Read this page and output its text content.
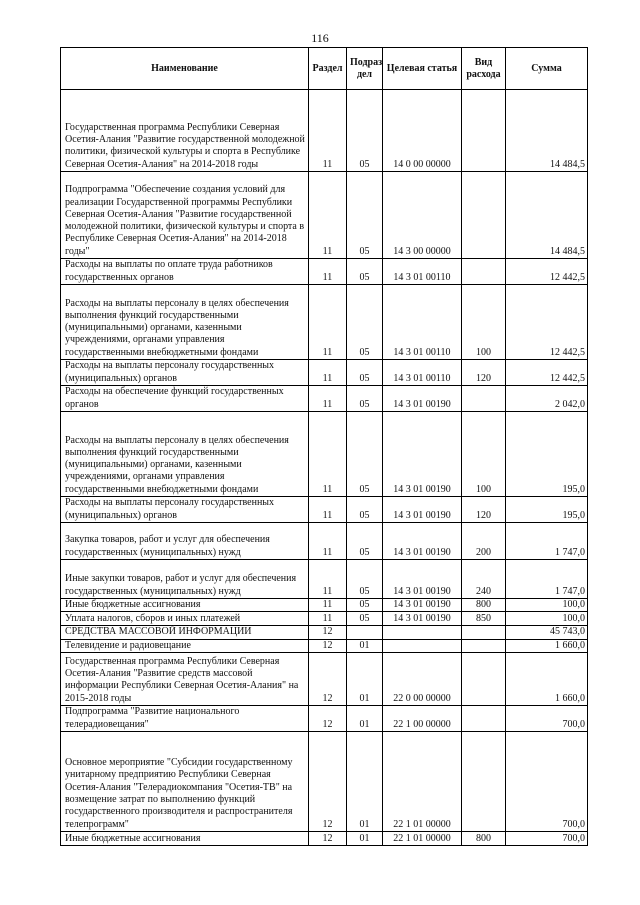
116
Наименование	Раздел	Подраз дел	Целевая статья	Вид расхода	Сумма
Государственная программа Республики Северная Осетия-Алания "Развитие государственной молодежной политики, физической культуры и спорта в Республике Северная Осетия-Алания" на 2014-2018 годы	11	05	14 0 00 00000		14 484,5
Подпрограмма "Обеспечение создания условий для реализации Государственной программы Республики Северная Осетия-Алания "Развитие государственной молодежной политики, физической культуры и спорта в Республике Северная Осетия-Алания" на 2014-2018 годы"	11	05	14 3 00 00000		14 484,5
Расходы на выплаты по оплате труда работников государственных органов	11	05	14 3 01 00110		12 442,5
Расходы на выплаты персоналу в целях обеспечения выполнения функций государственными (муниципальными) органами, казенными учреждениями, органами управления государственными внебюджетными фондами	11	05	14 3 01 00110	100	12 442,5
Расходы на выплаты персоналу государственных (муниципальных) органов	11	05	14 3 01 00110	120	12 442,5
Расходы на обеспечение функций государственных органов	11	05	14 3 01 00190		2 042,0
Расходы на выплаты персоналу в целях обеспечения выполнения функций государственными (муниципальными) органами, казенными учреждениями, органами управления государственными внебюджетными фондами	11	05	14 3 01 00190	100	195,0
Расходы на выплаты персоналу государственных (муниципальных) органов	11	05	14 3 01 00190	120	195,0
Закупка товаров, работ и услуг для обеспечения государственных (муниципальных) нужд	11	05	14 3 01 00190	200	1 747,0
Иные закупки товаров, работ и услуг для обеспечения государственных (муниципальных) нужд	11	05	14 3 01 00190	240	1 747,0
Иные бюджетные ассигнования	11	05	14 3 01 00190	800	100,0
Уплата налогов, сборов и иных платежей	11	05	14 3 01 00190	850	100,0
СРЕДСТВА МАССОВОЙ ИНФОРМАЦИИ	12				45 743,0
Телевидение и радиовещание	12	01			1 660,0
Государственная программа Республики Северная Осетия-Алания "Развитие средств массовой информации Республики Северная Осетия-Алания" на 2015-2018 годы	12	01	22 0 00 00000		1 660,0
Подпрограмма "Развитие национального телерадиовещания"	12	01	22 1 00 00000		700,0
Основное мероприятие "Субсидии государственному унитарному предприятию Республики Северная Осетия-Алания "Телерадиокомпания "Осетия-ТВ" на возмещение затрат по выполнению функций государственного производителя и распространителя телепрограмм"	12	01	22 1 01 00000		700,0
Иные бюджетные ассигнования	12	01	22 1 01 00000	800	700,0
